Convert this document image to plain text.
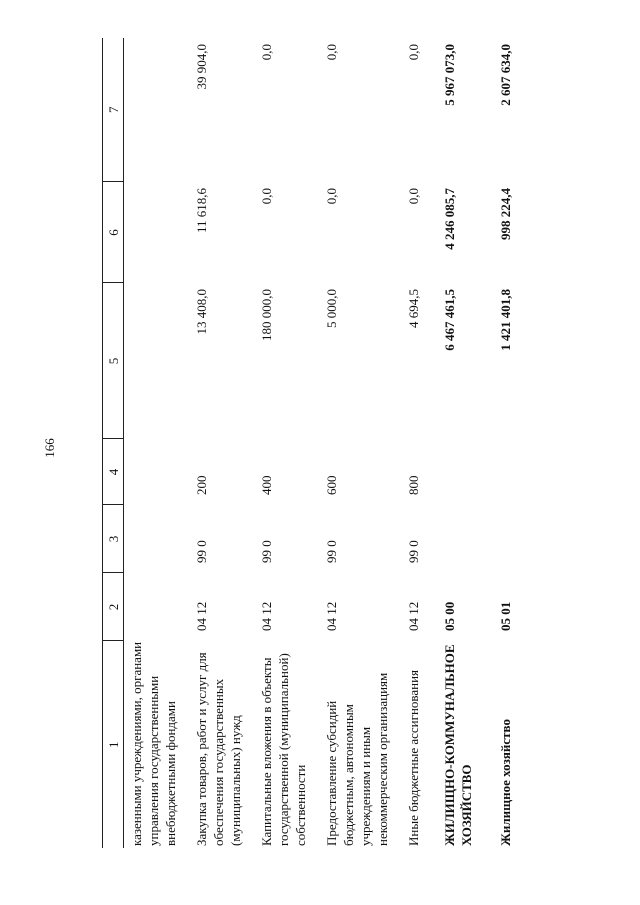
166
1	2	3	4	5	6	7
казенными учреждениями, органами управления государственными внебюджетными фондами						
Закупка товаров, работ и услуг для обеспечения государственных (муниципальных) нужд	04 12	99 0	200	13 408,0	11 618,6	39 904,0
Капитальные вложения в объекты государственной (муниципальной) собственности	04 12	99 0	400	180 000,0	0,0	0,0
Предоставление субсидий бюджетным, автономным учреждениям и иным некоммерческим организациям	04 12	99 0	600	5 000,0	0,0	0,0
Иные бюджетные ассигнования	04 12	99 0	800	4 694,5	0,0	0,0
ЖИЛИЩНО-КОММУНАЛЬНОЕ ХОЗЯЙСТВО	05 00			6 467 461,5	4 246 085,7	5 967 073,0
Жилищное хозяйство	05 01			1 421 401,8	998 224,4	2 607 634,0
